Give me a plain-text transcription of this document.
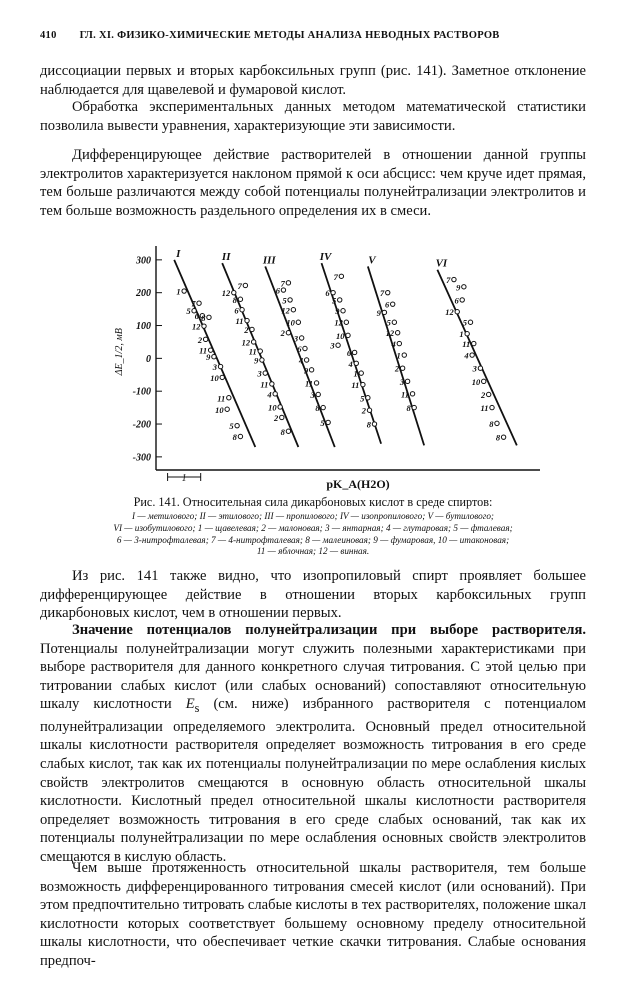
410 ГЛ. XI. ФИЗИКО-ХИМИЧЕСКИЕ МЕТОДЫ АНАЛИЗА НЕВОДНЫХ РАСТВОРОВ

диссоциации первых и вторых карбоксильных групп (рис. 141). Заметное отклонение наблюдается для щавелевой и фумаровой кислот.

Обработка экспериментальных данных методом математической статистики позволила вывести уравнения, характеризующие эти зависимости.

Дифференцирующее действие растворителей в отношении данной группы электролитов характеризуется наклоном прямой к оси абсцисс: чем круче идет прямая, тем больше различаются между собой потенциалы полунейтрализации электролитов и тем больше возможность раздельного определения их в смеси.

300
200
100
0
-100
-200
-300
ΔE_1/2, мВ
pK_A(H2O)
1
I
1
5 6
7
8
12
2
11
9
3
10
11
10
5
8
II
7
12
8
6
11
2
12
11
9
3
11
4
10
2
8
III
7
6
5
12
10
2
3
6
4
9
11
3
8
5
IV
7
6
5
9
12
10
3
6
4
1
11
5
2
8
V
7
6
9
5
12
4
1
2
3
11
8
VI
7
9
6
12
5
1
11
4
3
10
2
11
8
8
Рис. 141. Относительная сила дикарбоновых кислот в среде спиртов:
I — метилового; II — этилового; III — пропилового; IV — изопропилового; V — бутилового;
VI — изобутилового; 1 — щавелевая; 2 — малоновая; 3 — янтарная; 4 — глутаровая; 5 — фталевая;
6 — 3-нитрофталевая; 7 — 4-нитрофталевая; 8 — малеиновая; 9 — фумаровая, 10 — итаконовая;
11 — яблочная; 12 — винная.

Из рис. 141 также видно, что изопропиловый спирт проявляет большее дифференцирующее действие в отношении вторых карбоксильных групп дикарбоновых кислот, чем в отношении первых.

Значение потенциалов полунейтрализации при выборе растворителя. Потенциалы полунейтрализации могут служить полезными характеристиками при выборе растворителя для данного конкретного случая титрования. С этой целью при титровании слабых кислот (или слабых оснований) сопоставляют относительную шкалу кислотности $E_s$ (см. ниже) избранного растворителя с потенциалом полунейтрализации определяемого электролита. Основный предел относительной шкалы кислотности растворителя определяет возможность титрования в его среде слабых кислот, так как их потенциалы полунейтрализации по мере ослабления кислых свойств электролитов смещаются в основную область относительной шкалы кислотности. Кислотный предел относительной шкалы кислотности растворителя определяет возможность титрования в его среде слабых оснований, так как их потенциалы полунейтрализации по мере ослабления основных свойств электролитов смещаются в кислую область.

Чем выше протяженность относительной шкалы растворителя, тем больше возможность дифференцированного титрования смесей кислот (или оснований). При этом предпочтительно титровать слабые кислоты в тех растворителях, положение шкал кислотности которых соответствует большему основному пределу относительной шкалы кислотности, что обеспечивает четкие скачки титрования. Слабые основания предпоч-
